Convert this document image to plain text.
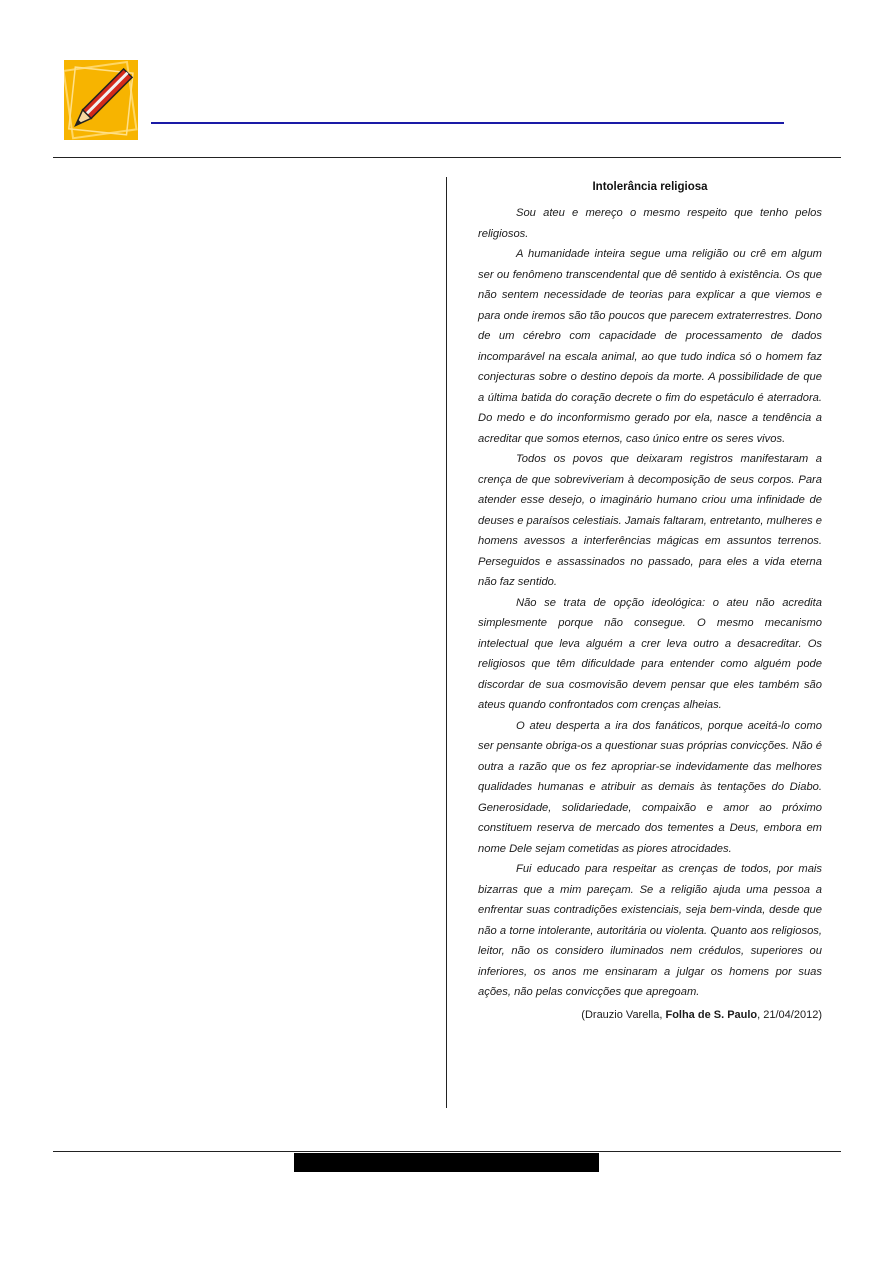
Intolerância religiosa

Sou ateu e mereço o mesmo respeito que tenho pelos religiosos.

A humanidade inteira segue uma religião ou crê em algum ser ou fenômeno transcendental que dê sentido à existência. Os que não sentem necessidade de teorias para explicar a que viemos e para onde iremos são tão poucos que parecem extraterrestres. Dono de um cérebro com capacidade de processamento de dados incomparável na escala animal, ao que tudo indica só o homem faz conjecturas sobre o destino depois da morte. A possibilidade de que a última batida do coração decrete o fim do espetáculo é aterradora. Do medo e do inconformismo gerado por ela, nasce a tendência a acreditar que somos eternos, caso único entre os seres vivos.

Todos os povos que deixaram registros manifestaram a crença de que sobreviveriam à decomposição de seus corpos. Para atender esse desejo, o imaginário humano criou uma infinidade de deuses e paraísos celestiais. Jamais faltaram, entretanto, mulheres e homens avessos a interferências mágicas em assuntos terrenos. Perseguidos e assassinados no passado, para eles a vida eterna não faz sentido.

Não se trata de opção ideológica: o ateu não acredita simplesmente porque não consegue. O mesmo mecanismo intelectual que leva alguém a crer leva outro a desacreditar. Os religiosos que têm dificuldade para entender como alguém pode discordar de sua cosmovisão devem pensar que eles também são ateus quando confrontados com crenças alheias.

O ateu desperta a ira dos fanáticos, porque aceitá-lo como ser pensante obriga-os a questionar suas próprias convicções. Não é outra a razão que os fez apropriar-se indevidamente das melhores qualidades humanas e atribuir as demais às tentações do Diabo. Generosidade, solidariedade, compaixão e amor ao próximo constituem reserva de mercado dos tementes a Deus, embora em nome Dele sejam cometidas as piores atrocidades.

Fui educado para respeitar as crenças de todos, por mais bizarras que a mim pareçam. Se a religião ajuda uma pessoa a enfrentar suas contradições existenciais, seja bem-vinda, desde que não a torne intolerante, autoritária ou violenta. Quanto aos religiosos, leitor, não os considero iluminados nem crédulos, superiores ou inferiores, os anos me ensinaram a julgar os homens por suas ações, não pelas convicções que apregoam.

(Drauzio Varella, Folha de S. Paulo, 21/04/2012)
